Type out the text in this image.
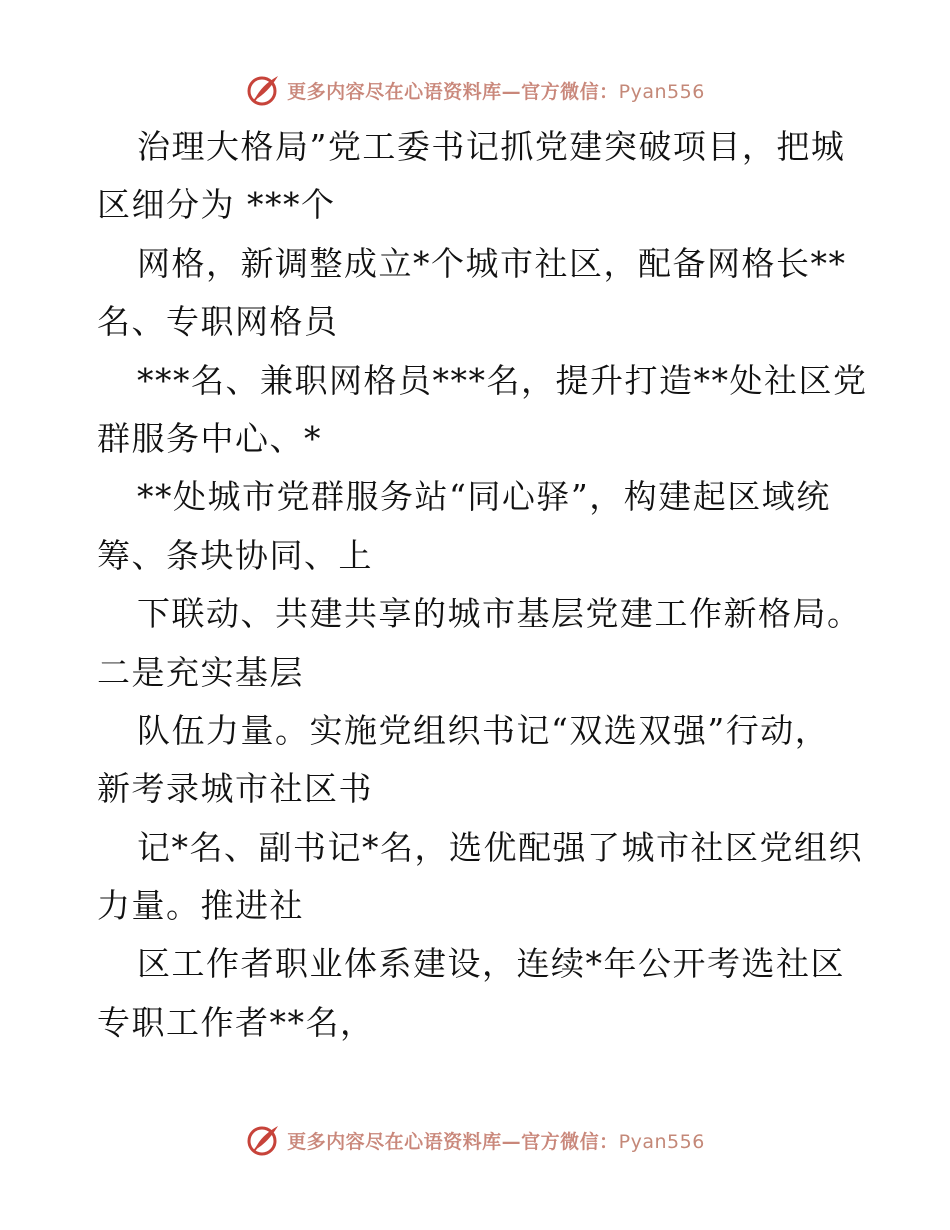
更多内容尽在心语资料库—官方微信：Pyan556
治理大格局”党工委书记抓党建突破项目，把城
区细分为 ***个
网格，新调整成立*个城市社区，配备网格长**
名、专职网格员
***名、兼职网格员***名，提升打造**处社区党
群服务中心、*
**处城市党群服务站“同心驿”，构建起区域统
筹、条块协同、上
下联动、共建共享的城市基层党建工作新格局。
二是充实基层
队伍力量。实施党组织书记“双选双强”行动，
新考录城市社区书
记*名、副书记*名，选优配强了城市社区党组织
力量。推进社
区工作者职业体系建设，连续*年公开考选社区
专职工作者**名，
更多内容尽在心语资料库—官方微信：Pyan556
